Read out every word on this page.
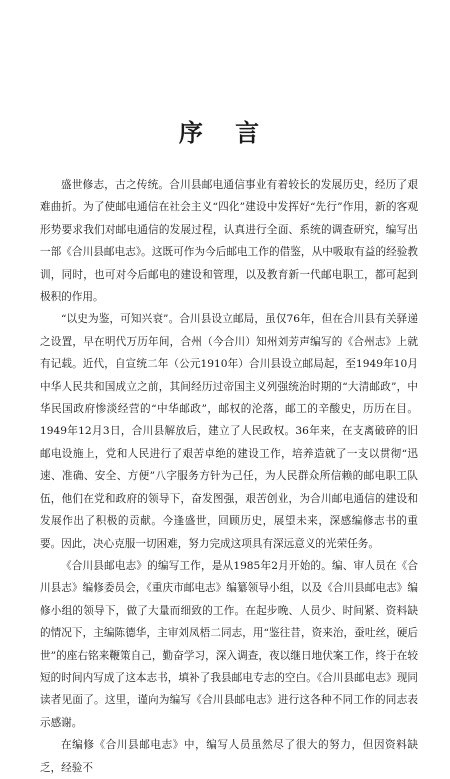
序 言

盛世修志，古之传统。合川县邮电通信事业有着较长的发展历史，经历了艰难曲折。为了使邮电通信在社会主义“四化”建设中发挥好“先行”作用，新的客观形势要求我们对邮电通信的发展过程，认真进行全面、系统的调查研究，编写出一部《合川县邮电志》。这既可作为今后邮电工作的借鉴，从中吸取有益的经验教训，同时，也可对今后邮电的建设和管理，以及教育新一代邮电职工，都可起到极积的作用。

“以史为鉴，可知兴衰”。合川县设立邮局，虽仅76年，但在合川县有关驿递之设置，早在明代万历年间，合州（今合川）知州刘芳声编写的《合州志》上就有记载。近代，自宣统二年（公元1910年）合川县设立邮局起，至1949年10月中华人民共和国成立之前，其间经历过帝国主义列强统治时期的“大清邮政”，中华民国政府惨淡经营的“中华邮政”，邮权的沦落，邮工的辛酸史，历历在目。1949年12月3日，合川县解放后，建立了人民政权。36年来，在支离破碎的旧邮电设施上，党和人民进行了艰苦卓绝的建设工作，培养造就了一支以贯彻“迅速、准确、安全、方便”八字服务方针为己任，为人民群众所信赖的邮电职工队伍，他们在党和政府的领导下，奋发图强，艰苦创业，为合川邮电通信的建设和发展作出了积极的贡献。今逢盛世，回顾历史，展望未来，深感编修志书的重要。因此，决心克服一切困难，努力完成这项具有深远意义的光荣任务。

《合川县邮电志》的编写工作，是从1985年2月开始的。编、审人员在《合川县志》编修委员会，《重庆市邮电志》编纂领导小组，以及《合川县邮电志》编修小组的领导下，做了大量而细致的工作。在起步晚、人员少、时间紧、资料缺的情况下，主编陈德华，主审刘凤梧二同志，用“鉴往昔，资来治，蚕吐丝，硬后世”的座右铭来鞭策自己，勤奋学习，深入调查，夜以继日地伏案工作，终于在较短的时间内写成了这本志书，填补了我县邮电专志的空白。《合川县邮电志》现同读者见面了。这里，谨向为编写《合川县邮电志》进行这各种不同工作的同志表示感谢。

在编修《合川县邮电志》中，编写人员虽然尽了很大的努力，但因资料缺乏，经验不
